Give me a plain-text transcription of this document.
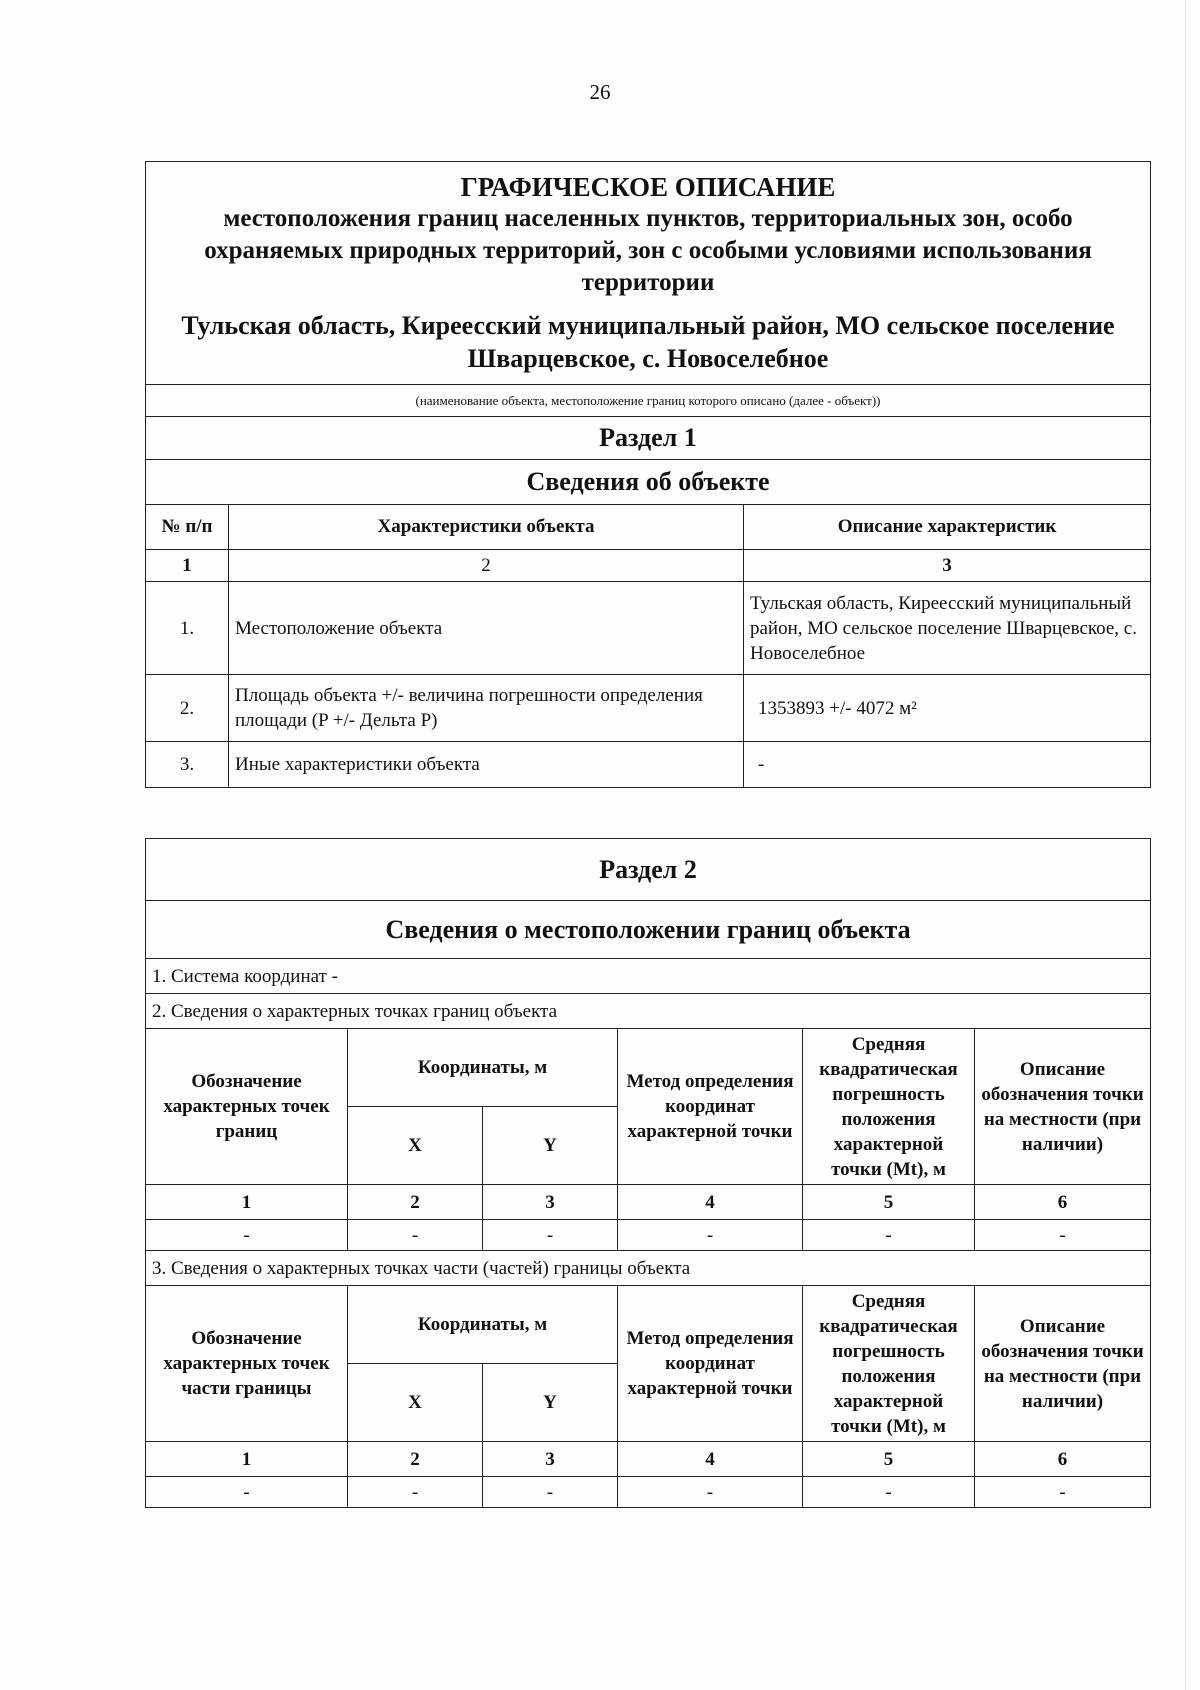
26
ГРАФИЧЕСКОЕ ОПИСАНИЕ
местоположения границ населенных пунктов, территориальных зон, особо охраняемых природных территорий, зон с особыми условиями использования территории
Тульская область, Киреесский муниципальный район, МО сельское поселение Шварцевское, с. Новоселебное		

(наименование объекта, местоположение границ которого описано (далее - объект))		
Раздел 1		
Сведения об объекте		
№ п/п	Характеристики объекта	Описание характеристик
1	2	3
1.	Местоположение объекта	Тульская область, Киреесский муниципальный район, МО сельское поселение Шварцевское, с. Новоселебное
2.	Площадь объекта +/- величина погрешности определения площади (P +/- Дельта P)	1353893 +/- 4072 м²
3.	Иные характеристики объекта	-
Раздел 2					
Сведения о местоположении границ объекта					
1. Система координат -					
2. Сведения о характерных точках границ объекта					
Обозначение характерных точек границ	Координаты, м		Метод определения координат характерной точки	Средняя квадратическая погрешность положения характерной точки (Mt), м	Описание обозначения точки на местности (при наличии)
	X	Y			
1	2	3	4	5	6
-	-	-	-	-	-
3. Сведения о характерных точках части (частей) границы объекта					
Обозначение характерных точек части границы	Координаты, м		Метод определения координат характерной точки	Средняя квадратическая погрешность положения характерной точки (Mt), м	Описание обозначения точки на местности (при наличии)
	X	Y			
1	2	3	4	5	6
-	-	-	-	-	-
